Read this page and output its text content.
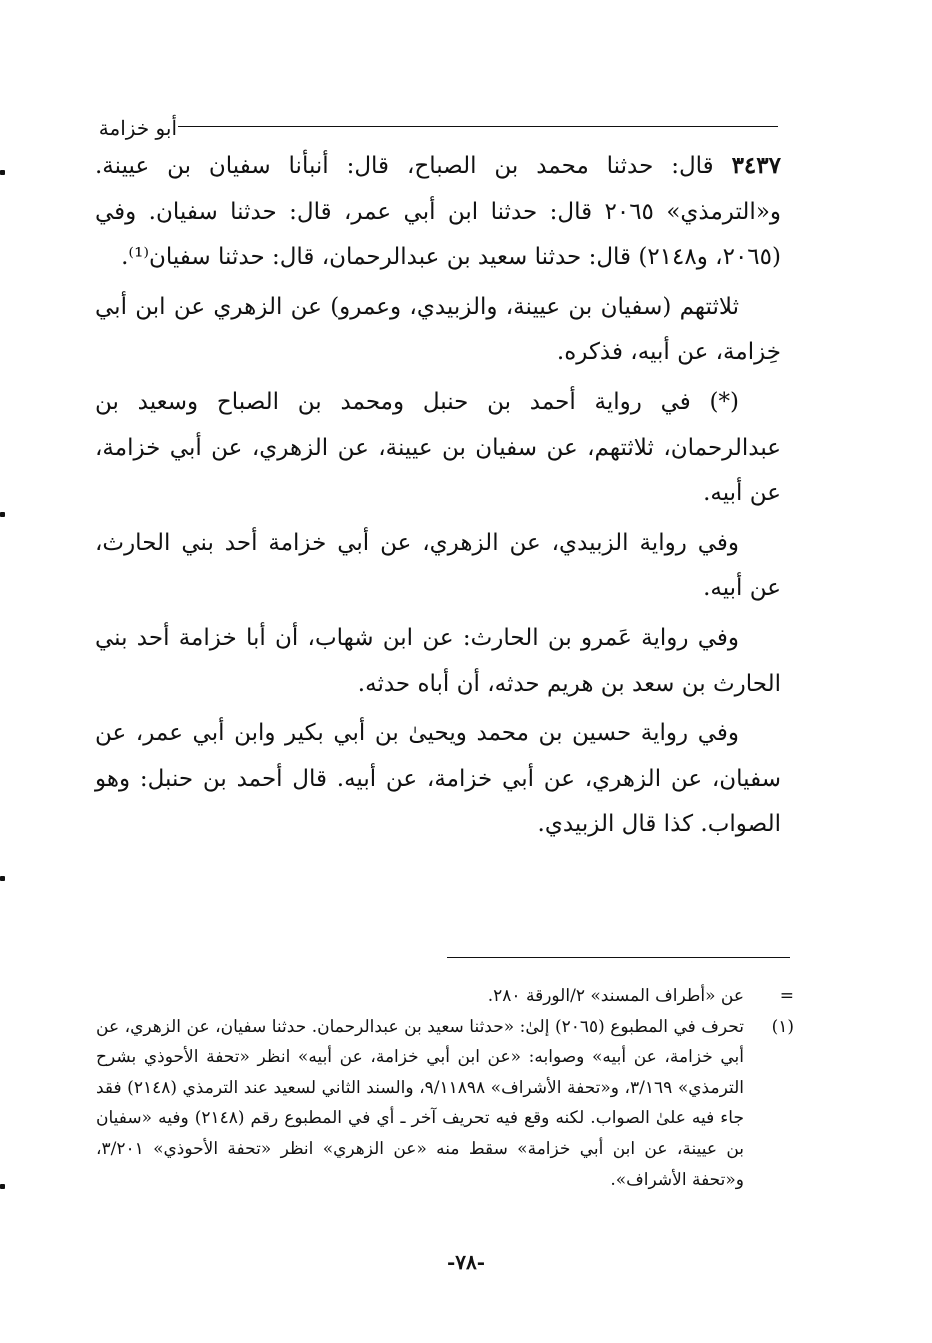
أبو خزامة

٣٤٣٧ قال: حدثنا محمد بن الصباح، قال: أنبأنا سفيان بن عيينة. و«الترمذي» ٢٠٦٥ قال: حدثنا ابن أبي عمر، قال: حدثنا سفيان. وفي (٢٠٦٥، و٢١٤٨) قال: حدثنا سعيد بن عبدالرحمان، قال: حدثنا سفيان⁽¹⁾.

ثلاثتهم (سفيان بن عيينة، والزبيدي، وعمرو) عن الزهري عن ابن أبي خِزامة، عن أبيه، فذكره.

(*) في رواية أحمد بن حنبل ومحمد بن الصباح وسعيد بن عبدالرحمان، ثلاثتهم، عن سفيان بن عيينة، عن الزهري، عن أبي خزامة، عن أبيه.

وفي رواية الزبيدي، عن الزهري، عن أبي خزامة أحد بني الحارث، عن أبيه.

وفي رواية عَمرو بن الحارث: عن ابن شهاب، أن أبا خزامة أحد بني الحارث بن سعد بن هريم حدثه، أن أباه حدثه.

وفي رواية حسين بن محمد ويحيىٰ بن أبي بكير وابن أبي عمر، عن سفيان، عن الزهري، عن أبي خزامة، عن أبيه. قال أحمد بن حنبل: وهو الصواب. كذا قال الزبيدي.

=
عن «أطراف المسند» ٢/الورقة ٢٨٠.
(١)
تحرف في المطبوع (٢٠٦٥) إلىٰ: «حدثنا سعيد بن عبدالرحمان. حدثنا سفيان، عن الزهري، عن أبي خزامة، عن أبيه» وصوابه: «عن ابن أبي خزامة، عن أبيه» انظر «تحفة الأحوذي بشرح الترمذي» ٣/١٦٩، و«تحفة الأشراف» ٩/١١٨٩٨، والسند الثاني لسعيد عند الترمذي (٢١٤٨) فقد جاء فيه علىٰ الصواب. لكنه وقع فيه تحريف آخر ـ أي في المطبوع رقم (٢١٤٨) وفيه «سفيان بن عيينة، عن ابن أبي خزامة» سقط منه «عن الزهري» انظر «تحفة الأحوذي» ٣/٢٠١، و«تحفة الأشراف».
-٧٨-
